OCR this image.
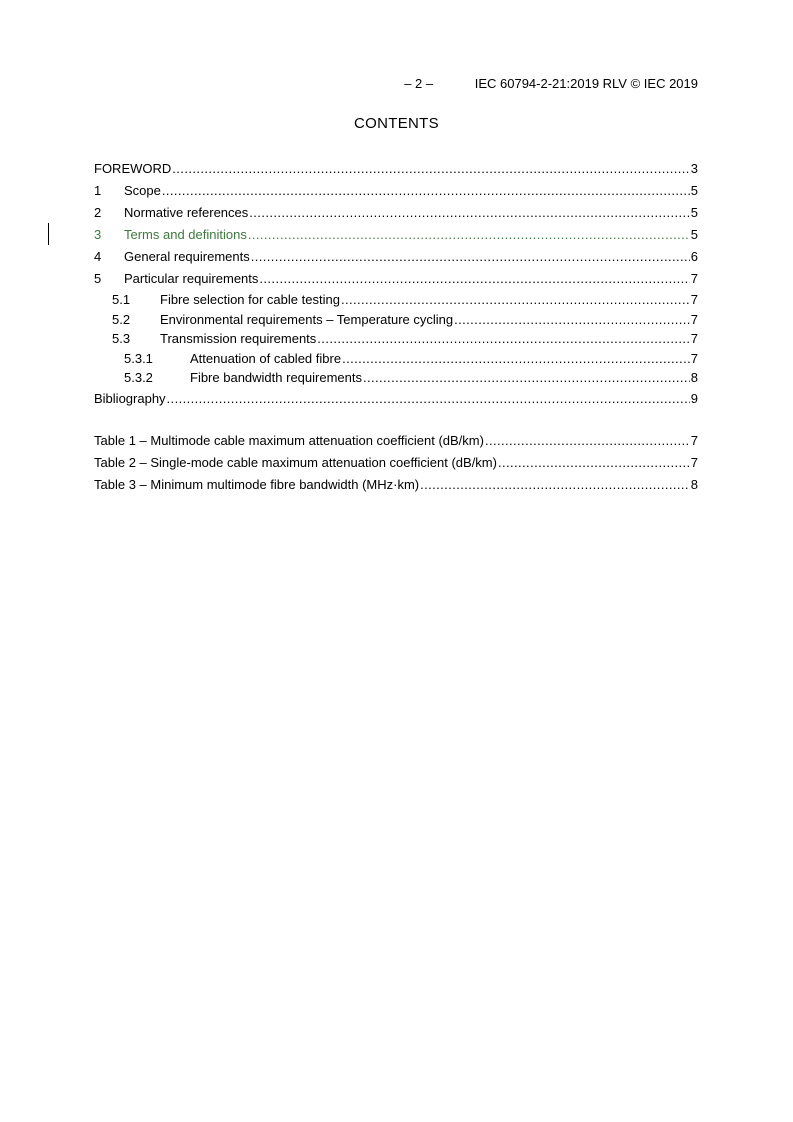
– 2 –	IEC 60794-2-21:2019 RLV © IEC 2019
CONTENTS
FOREWORD .....	3
1	Scope .....	5
2	Normative references .....	5
3	Terms and definitions .....	5
4	General requirements .....	6
5	Particular requirements .....	7
5.1	Fibre selection for cable testing .....	7
5.2	Environmental requirements – Temperature cycling .....	7
5.3	Transmission requirements .....	7
5.3.1	Attenuation of cabled fibre .....	7
5.3.2	Fibre bandwidth requirements .....	8
Bibliography .....	9
Table 1 – Multimode cable maximum attenuation coefficient (dB/km) .....	7
Table 2 – Single-mode cable maximum attenuation coefficient (dB/km) .....	7
Table 3 – Minimum multimode fibre bandwidth (MHz·km) .....	8
